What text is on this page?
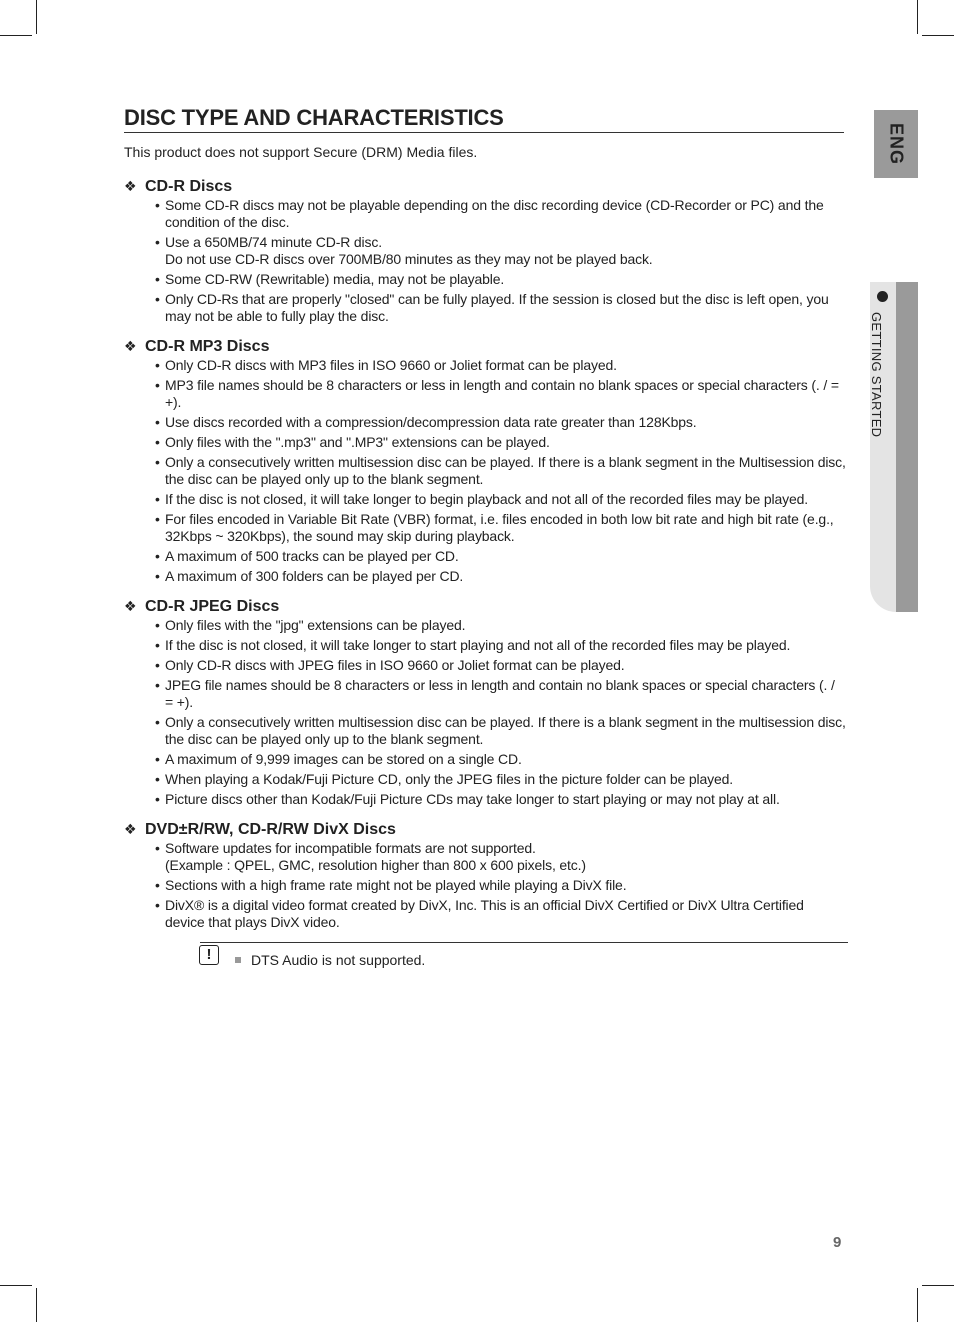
DISC TYPE AND CHARACTERISTICS
This product does not support Secure (DRM) Media files.
❖ CD-R Discs
• Some CD-R discs may not be playable depending on the disc recording device (CD-Recorder or PC) and the condition of the disc.
• Use a 650MB/74 minute CD-R disc.
Do not use CD-R discs over 700MB/80 minutes as they may not be played back.
• Some CD-RW (Rewritable) media, may not be playable.
• Only CD-Rs that are properly "closed" can be fully played. If the session is closed but the disc is left open, you may not be able to fully play the disc.
❖ CD-R MP3 Discs
• Only CD-R discs with MP3 files in ISO 9660 or Joliet format can be played.
• MP3 file names should be 8 characters or less in length and contain no blank spaces or special characters (. / = +).
• Use discs recorded with a compression/decompression data rate greater than 128Kbps.
• Only files with the ".mp3" and ".MP3" extensions can be played.
• Only a consecutively written multisession disc can be played. If there is a blank segment in the Multisession disc, the disc can be played only up to the blank segment.
• If the disc is not closed, it will take longer to begin playback and not all of the recorded files may be played.
• For files encoded in Variable Bit Rate (VBR) format, i.e. files encoded in both low bit rate and high bit rate (e.g., 32Kbps ~ 320Kbps), the sound may skip during playback.
• A maximum of 500 tracks can be played per CD.
• A maximum of 300 folders can be played per CD.
❖ CD-R JPEG Discs
• Only files with the "jpg" extensions can be played.
• If the disc is not closed, it will take longer to start playing and not all of the recorded files may be played.
• Only CD-R discs with JPEG files in ISO 9660 or Joliet format can be played.
• JPEG file names should be 8 characters or less in length and contain no blank spaces or special characters (. / = +).
• Only a consecutively written multisession disc can be played. If there is a blank segment in the multisession disc, the disc can be played only up to the blank segment.
• A maximum of 9,999 images can be stored on a single CD.
• When playing a Kodak/Fuji Picture CD, only the JPEG files in the picture folder can be played.
• Picture discs other than Kodak/Fuji Picture CDs may take longer to start playing or may not play at all.
❖ DVD±R/RW, CD-R/RW DivX Discs
• Software updates for incompatible formats are not supported.
(Example : QPEL, GMC, resolution higher than 800 x 600 pixels, etc.)
• Sections with a high frame rate might not be played while playing a DivX file.
• DivX® is a digital video format created by DivX, Inc. This is an official DivX Certified or DivX Ultra Certified device that plays DivX video.
ENG
GETTING STARTED
!	DTS Audio is not supported.
9
